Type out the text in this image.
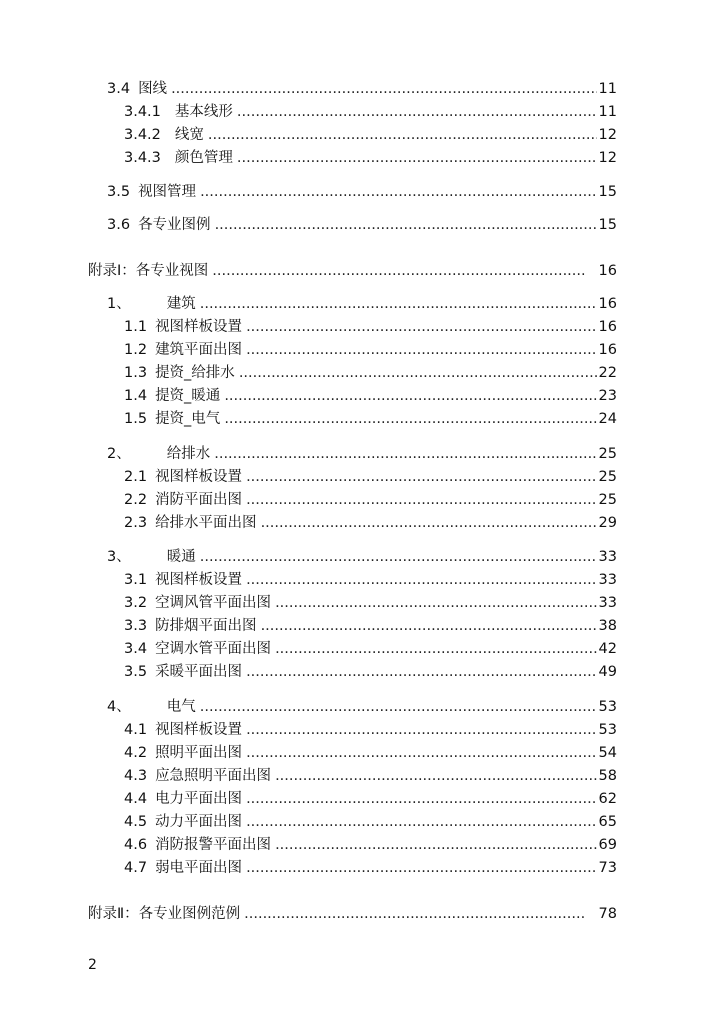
3.4 图线 .....	11
3.4.1 基本线形 .....	11
3.4.2 线宽 .....	12
3.4.3 颜色管理 .....	12
3.5 视图管理 .....	15
3.6 各专业图例 .....	15
附录Ⅰ：各专业视图 .....	16
1、 建筑 .....	16
1.1 视图样板设置 .....	16
1.2 建筑平面出图 .....	16
1.3 提资_给排水 .....	22
1.4 提资_暖通 .....	23
1.5 提资_电气 .....	24
2、 给排水 .....	25
2.1 视图样板设置 .....	25
2.2 消防平面出图 .....	25
2.3 给排水平面出图 .....	29
3、 暖通 .....	33
3.1 视图样板设置 .....	33
3.2 空调风管平面出图 .....	33
3.3 防排烟平面出图 .....	38
3.4 空调水管平面出图 .....	42
3.5 采暖平面出图 .....	49
4、 电气 .....	53
4.1 视图样板设置 .....	53
4.2 照明平面出图 .....	54
4.3 应急照明平面出图 .....	58
4.4 电力平面出图 .....	62
4.5 动力平面出图 .....	65
4.6 消防报警平面出图 .....	69
4.7 弱电平面出图 .....	73
附录Ⅱ：各专业图例范例 .....	78
2
